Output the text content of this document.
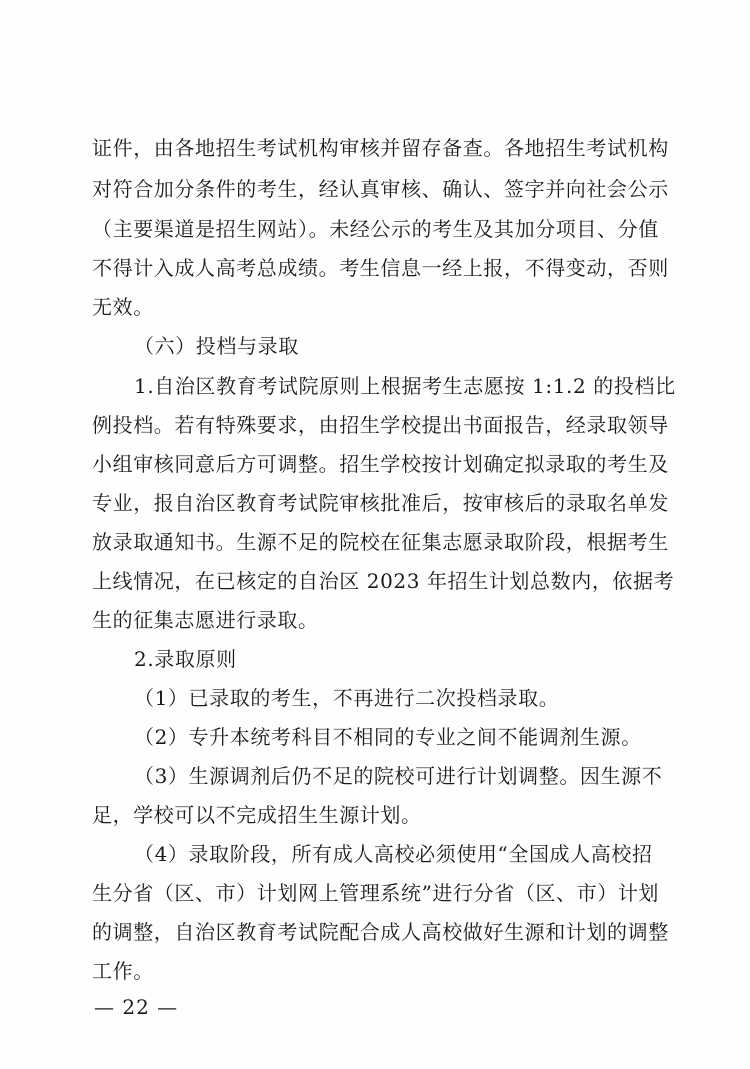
证件，由各地招生考试机构审核并留存备查。各地招生考试机构
对符合加分条件的考生，经认真审核、确认、签字并向社会公示
（主要渠道是招生网站）。未经公示的考生及其加分项目、分值
不得计入成人高考总成绩。考生信息一经上报，不得变动，否则
无效。
（六）投档与录取
1.自治区教育考试院原则上根据考生志愿按 1:1.2 的投档比
例投档。若有特殊要求，由招生学校提出书面报告，经录取领导
小组审核同意后方可调整。招生学校按计划确定拟录取的考生及
专业，报自治区教育考试院审核批准后，按审核后的录取名单发
放录取通知书。生源不足的院校在征集志愿录取阶段，根据考生
上线情况，在已核定的自治区 2023 年招生计划总数内，依据考
生的征集志愿进行录取。
2.录取原则
（1）已录取的考生，不再进行二次投档录取。
（2）专升本统考科目不相同的专业之间不能调剂生源。
（3）生源调剂后仍不足的院校可进行计划调整。因生源不
足，学校可以不完成招生生源计划。
（4）录取阶段，所有成人高校必须使用“全国成人高校招
生分省（区、市）计划网上管理系统”进行分省（区、市）计划
的调整，自治区教育考试院配合成人高校做好生源和计划的调整
工作。
— 22 —
